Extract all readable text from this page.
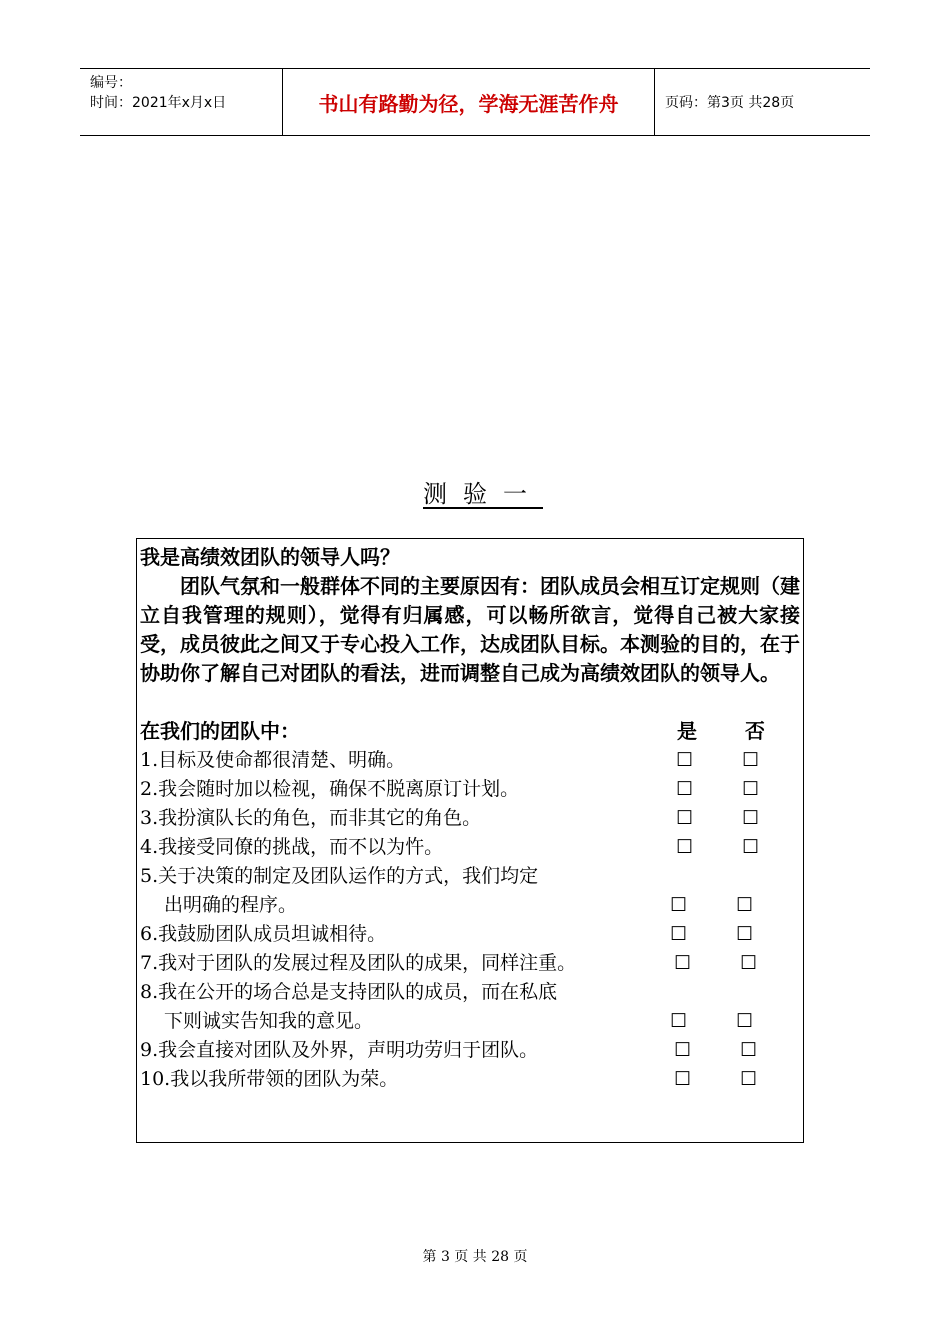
编号：
时间：2021年x月x日	书山有路勤为径，学海无涯苦作舟	页码：第3页 共28页
测验一
我是高绩效团队的领导人吗？
团队气氛和一般群体不同的主要原因有：团队成员会相互订定规则（建立自我管理的规则），觉得有归属感，可以畅所欲言，觉得自己被大家接受，成员彼此之间又于专心投入工作，达成团队目标。本测验的目的，在于协助你了解自己对团队的看法，进而调整自己成为高绩效团队的领导人。
在我们的团队中：	是 否
1.目标及使命都很清楚、明确。	☐	☐
2.我会随时加以检视，确保不脱离原订计划。	☐	☐
3.我扮演队长的角色，而非其它的角色。	☐	☐
4.我接受同僚的挑战，而不以为忤。	☐	☐
5.关于决策的制定及团队运作的方式，我们均定
出明确的程序。	☐	☐
6.我鼓励团队成员坦诚相待。	☐	☐
7.我对于团队的发展过程及团队的成果，同样注重。	☐	☐
8.我在公开的场合总是支持团队的成员，而在私底
下则诚实告知我的意见。	☐	☐
9.我会直接对团队及外界，声明功劳归于团队。	☐	☐
10.我以我所带领的团队为荣。	☐	☐
第 3 页 共 28 页
